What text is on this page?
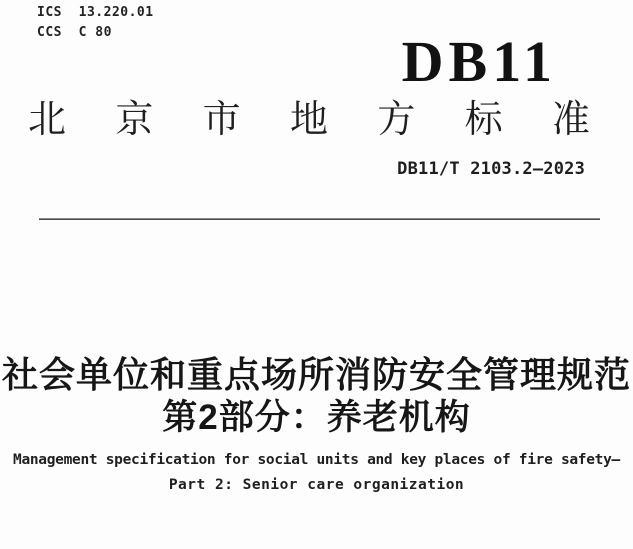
ICS  13.220.01
CCS  C 80	DB11
北 京 市 地 方 标 准
DB11/T 2103.2—2023
社会单位和重点场所消防安全管理规范
第2部分：养老机构
Management specification for social units and key places of fire safety—
Part 2: Senior care organization
